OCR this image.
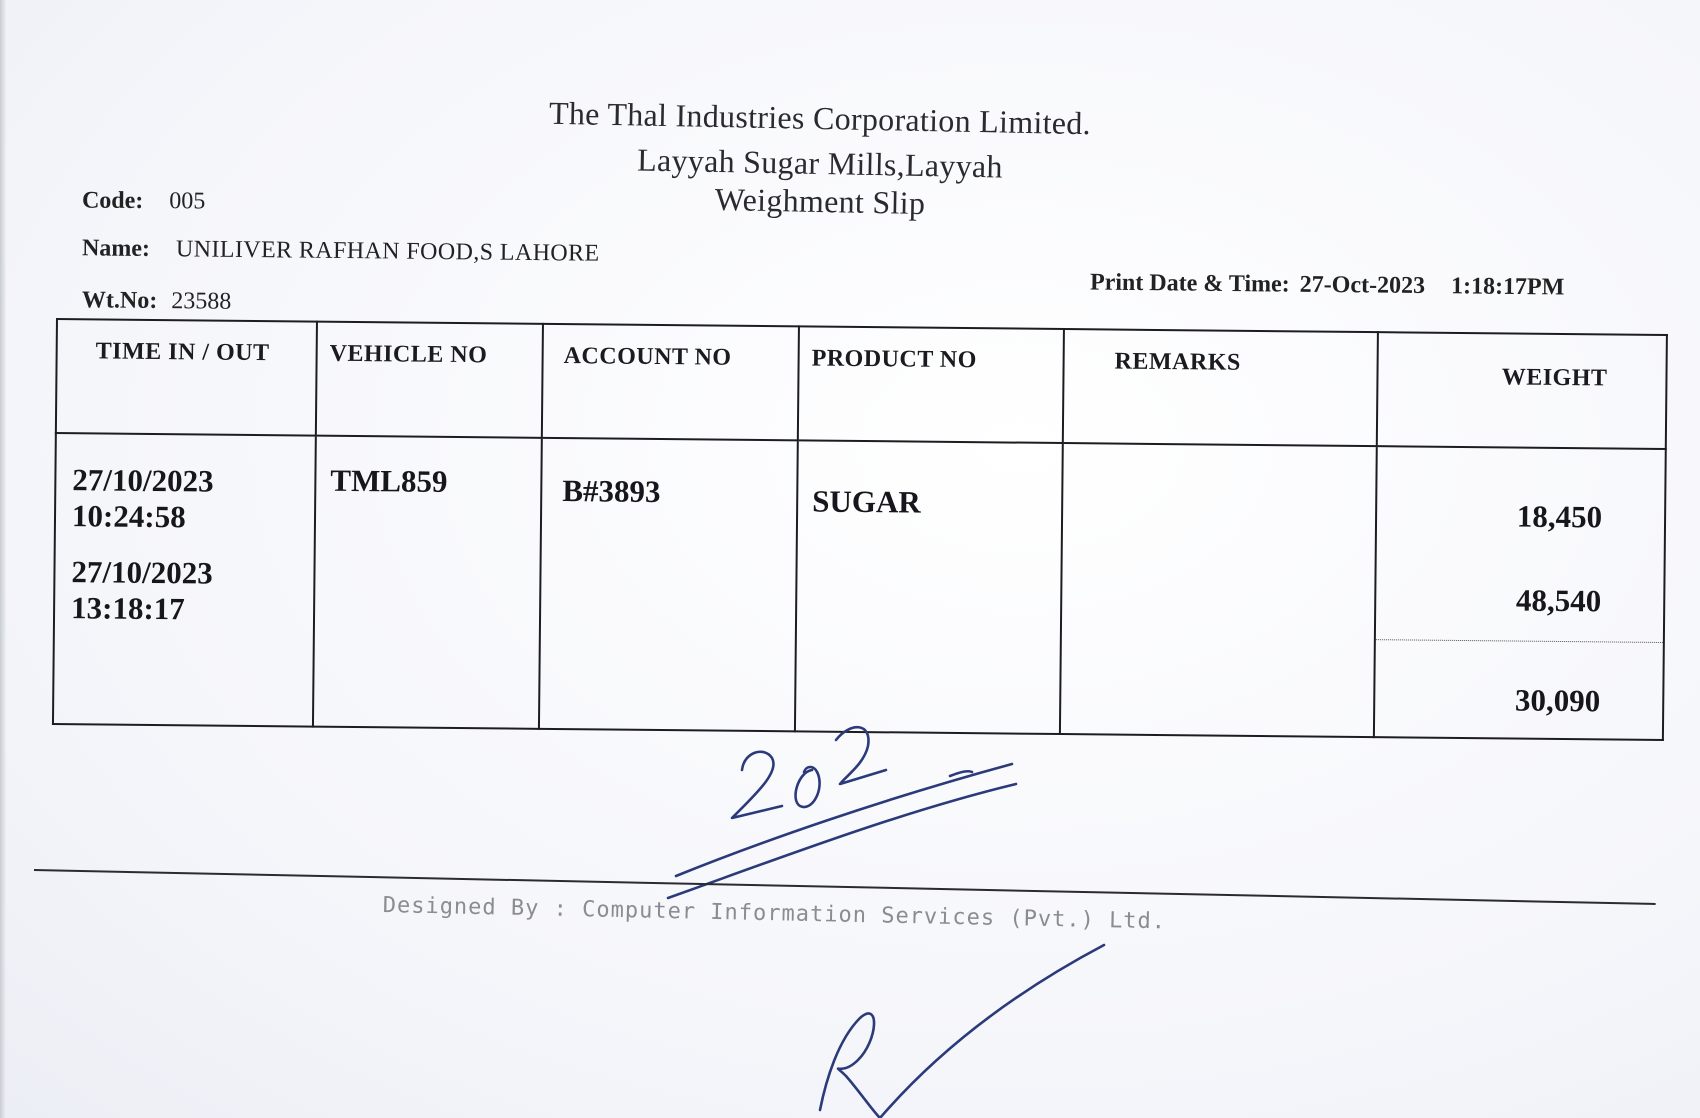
The Thal Industries Corporation Limited.
Layyah Sugar Mills,Layyah
Weighment Slip
Code: 005
Name: UNILIVER RAFHAN FOOD,S LAHORE
Wt.No: 23588
Print Date & Time: 27-Oct-2023 1:18:17PM
TIME IN / OUT	VEHICLE NO	ACCOUNT NO	PRODUCT NO	REMARKS	WEIGHT

27/10/2023
10:24:58
27/10/2023
13:18:17	TML859	B#3893	SUGAR		18,450
48,540
30,090
Designed By : Computer Information Services (Pvt.) Ltd.
